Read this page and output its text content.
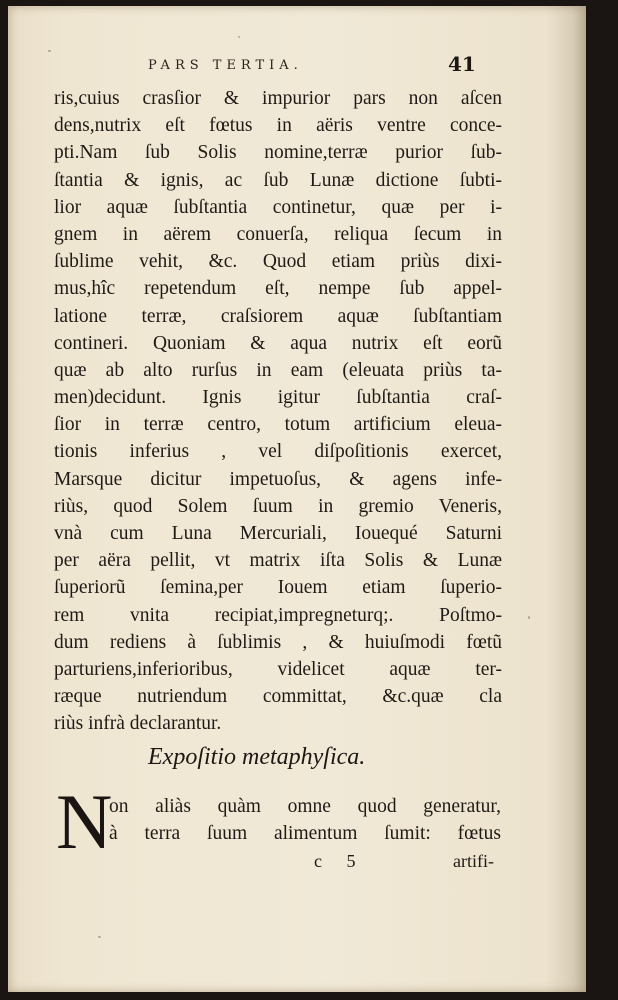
PARS TERTIA.	41
ris,cuius crasſior & impurior pars non aſcen
dens,nutrix eſt fœtus in aëris ventre conce-
pti.Nam ſub Solis nomine,terræ purior ſub-
ſtantia & ignis, ac ſub Lunæ dictione ſubti-
lior aquæ ſubſtantia continetur, quæ per i-
gnem in aërem conuerſa, reliqua ſecum in
ſublime vehit, &c. Quod etiam priùs dixi-
mus,hîc repetendum eſt, nempe ſub appel-
latione terræ, craſsiorem aquæ ſubſtantiam
contineri. Quoniam & aqua nutrix eſt eorũ
quæ ab alto rurſus in eam (eleuata priùs ta-
men)decidunt. Ignis igitur ſubſtantia craſ-
ſior in terræ centro, totum artificium eleua-
tionis inferius , vel diſpoſitionis exercet,
Marsque dicitur impetuoſus, & agens infe-
riùs, quod Solem ſuum in gremio Veneris,
vnà cum Luna Mercuriali, Iouequé Saturni
per aëra pellit, vt matrix iſta Solis & Lunæ
ſuperiorũ ſemina,per Iouem etiam ſuperio-
rem vnita recipiat,impregneturq;. Poſtmo-
dum rediens à ſublimis , & huiuſmodi fœtũ
parturiens,inferioribus, videlicet aquæ ter-
ræque nutriendum committat, &c.quæ cla
riùs infrà declarantur.
Expoſitio metaphyſica.
N
on aliàs quàm omne quod generatur,
à terra ſuum alimentum ſumit: fœtus
c 5	artifi-
